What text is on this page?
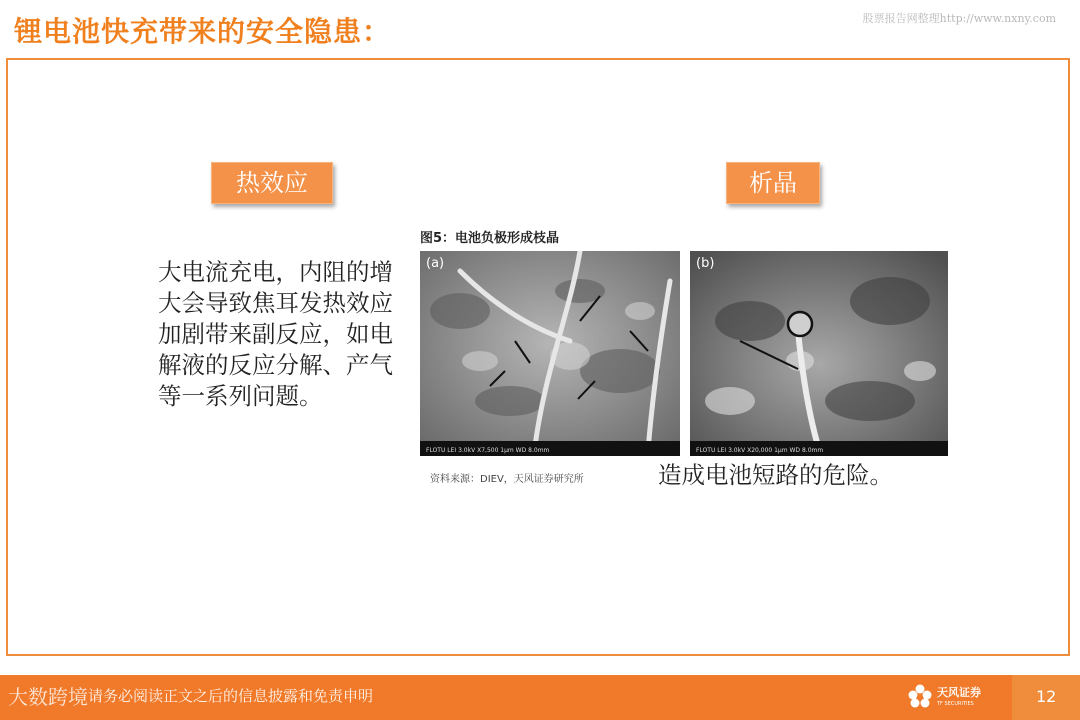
锂电池快充带来的安全隐患：	股票报告网整理http://www.nxny.com
热效应	析晶
大电流充电，内阻的增大会导致焦耳发热效应加剧带来副反应，如电解液的反应分解、产气等一系列问题。
图5：电池负极形成枝晶
FLOTU LEI 3.0kV X7,500 1μm WD 8.0mm
(a)
FLOTU LEI 3.0kV X20,000 1μm WD 8.0mm
(b)
资料来源：DIEV，天风证券研究所	造成电池短路的危险。
请务必阅读正文之后的信息披露和免责申明	天风证券
TF SECURITIES	12
大数跨境
